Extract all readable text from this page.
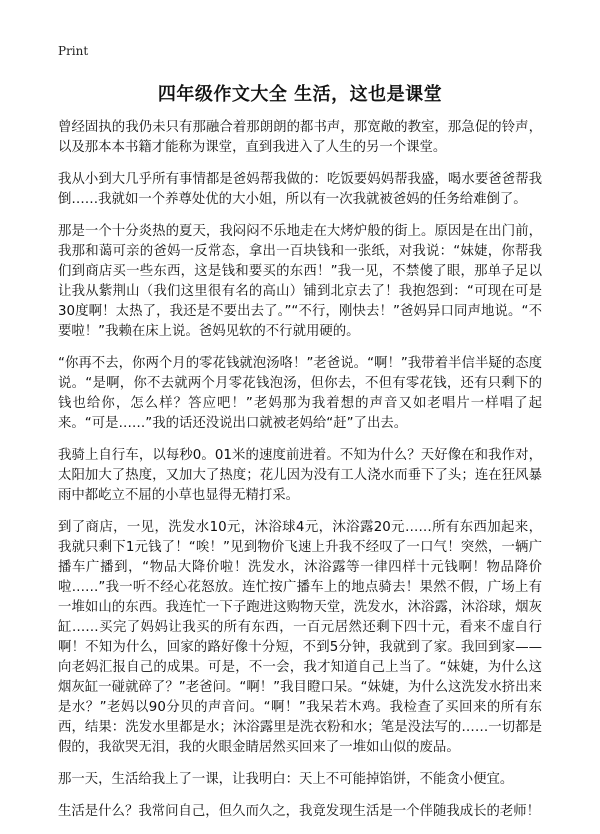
Print
四年级作文大全 生活，这也是课堂

曾经固执的我仍未只有那融合着那朗朗的都书声，那宽敞的教室，那急促的铃声，以及那本本书籍才能称为课堂，直到我进入了人生的另一个课堂。

我从小到大几乎所有事情都是爸妈帮我做的：吃饭要妈妈帮我盛，喝水要爸爸帮我倒……我就如一个养尊处优的大小姐，所以有一次我就被爸妈的任务给难倒了。

那是一个十分炎热的夏天，我闷闷不乐地走在大烤炉般的街上。原因是在出门前，我那和蔼可亲的爸妈一反常态，拿出一百块钱和一张纸，对我说：“妹婕，你帮我们到商店买一些东西，这是钱和要买的东西！”我一见，不禁傻了眼，那单子足以让我从紫荆山（我们这里很有名的高山）铺到北京去了！我抱怨到：“可现在可是30度啊！太热了，我还是不要出去了。”“不行，刚快去！”爸妈异口同声地说。“不要啦！”我赖在床上说。爸妈见软的不行就用硬的。

“你再不去，你两个月的零花钱就泡汤咯！”老爸说。“啊！”我带着半信半疑的态度说。“是啊，你不去就两个月零花钱泡汤，但你去，不但有零花钱，还有只剩下的钱也给你，怎么样？答应吧！”老妈那为我着想的声音又如老唱片一样唱了起来。“可是……”我的话还没说出口就被老妈给“赶”了出去。

我骑上自行车，以每秒0。01米的速度前进着。不知为什么？天好像在和我作对，太阳加大了热度，又加大了热度；花儿因为没有工人浇水而垂下了头；连在狂风暴雨中都屹立不屈的小草也显得无精打采。

到了商店，一见，洗发水10元，沐浴球4元，沐浴露20元……所有东西加起来，我就只剩下1元钱了！“唉！”见到物价飞速上升我不经叹了一口气！突然，一辆广播车广播到，“物品大降价啦！洗发水，沐浴露等一律四样十元钱啊！物品降价啦……”我一听不经心花怒放。连忙按广播车上的地点骑去！果然不假，广场上有一堆如山的东西。我连忙一下子跑进这购物天堂，洗发水，沐浴露，沐浴球，烟灰缸……买完了妈妈让我买的所有东西，一百元居然还剩下四十元，看来不虚自行啊！不知为什么，回家的路好像十分短，不到5分钟，我就到了家。我回到家——向老妈汇报自己的成果。可是，不一会，我才知道自己上当了。“妹婕，为什么这烟灰缸一碰就碎了？”老爸问。“啊！”我目瞪口呆。“妹婕，为什么这洗发水挤出来是水？”老妈以90分贝的声音问。“啊！”我呆若木鸡。我检查了买回来的所有东西，结果：洗发水里都是水；沐浴露里是洗衣粉和水；笔是没法写的……一切都是假的，我欲哭无泪，我的火眼金睛居然买回来了一堆如山似的废品。

那一天，生活给我上了一课，让我明白：天上不可能掉馅饼，不能贪小便宜。

生活是什么？我常问自己，但久而久之，我竟发现生活是一个伴随我成长的老师！
